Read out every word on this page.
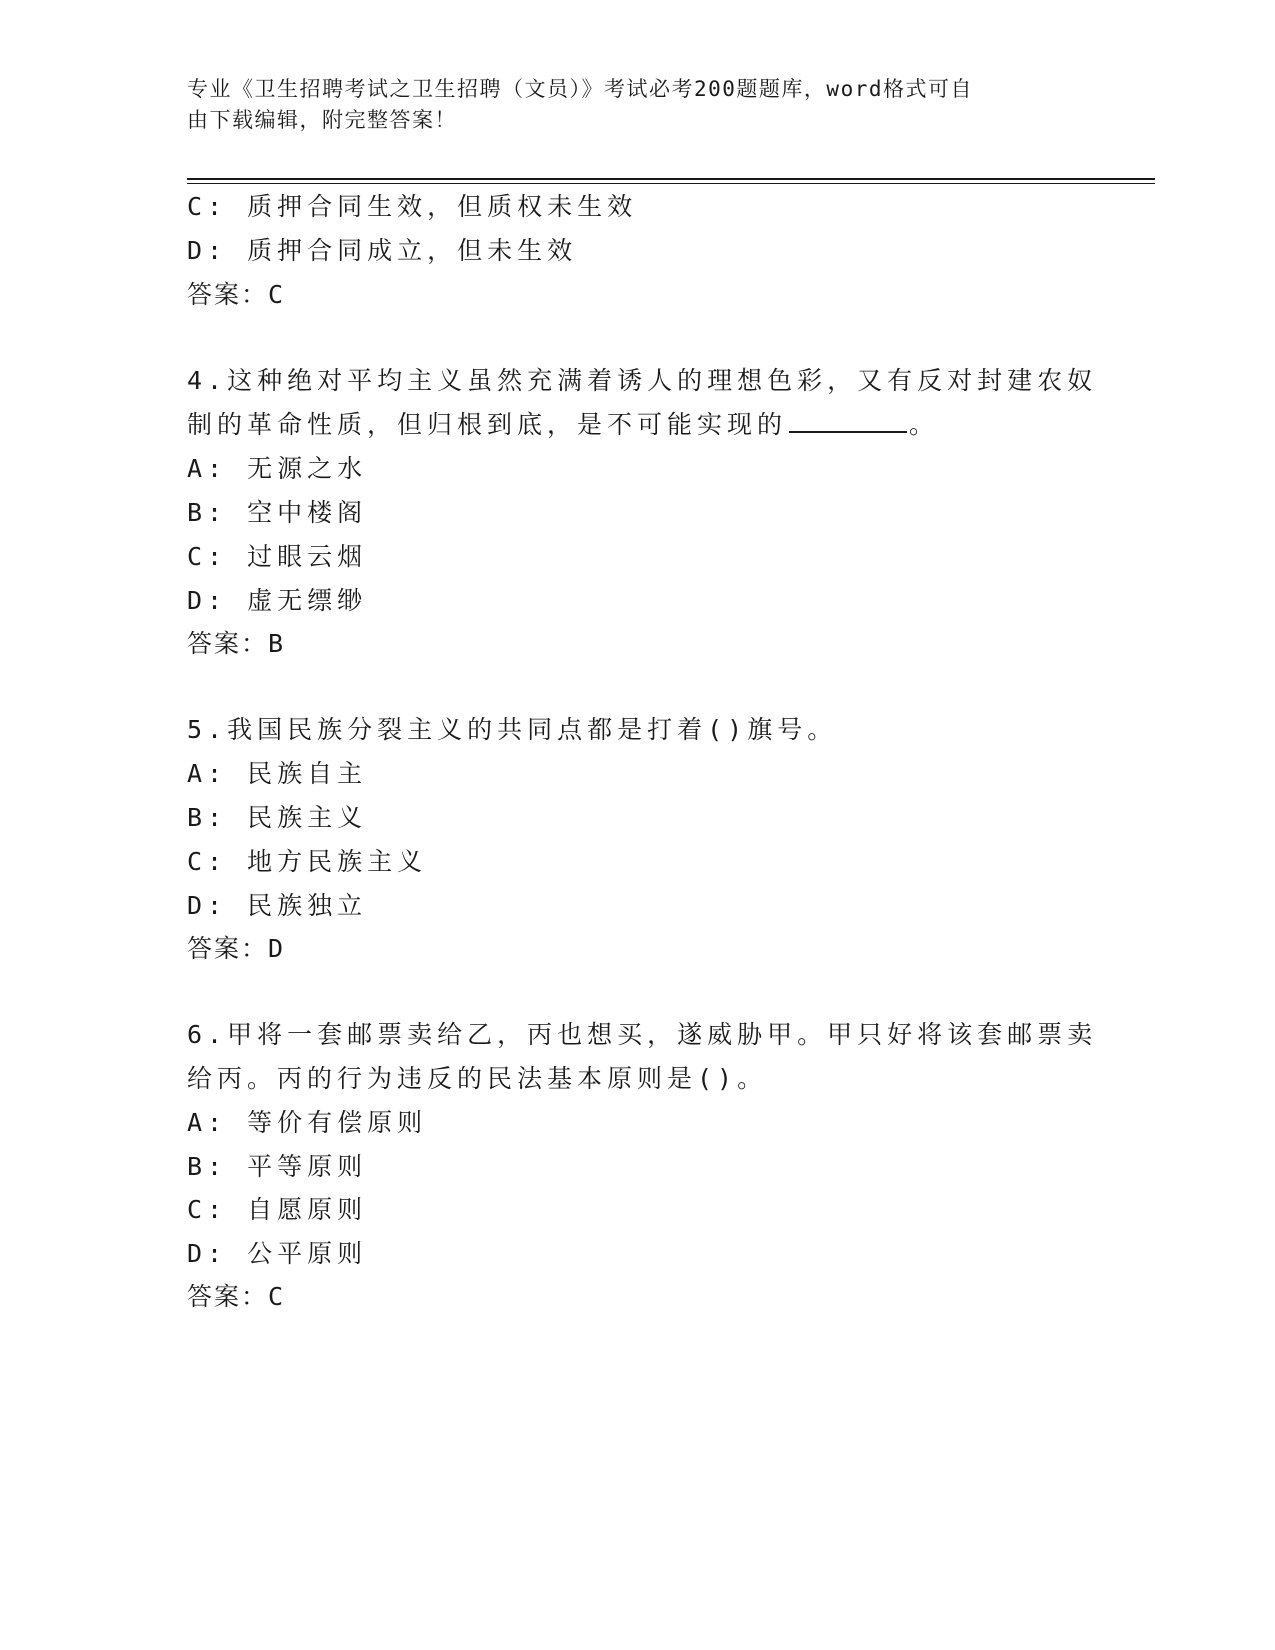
专业《卫生招聘考试之卫生招聘（文员）》考试必考200题题库，word格式可自
由下载编辑，附完整答案！
C: 质押合同生效，但质权未生效
D: 质押合同成立，但未生效
答案：C
4.这种绝对平均主义虽然充满着诱人的理想色彩，又有反对封建农奴
制的革命性质，但归根到底，是不可能实现的	。
A: 无源之水
B: 空中楼阁
C: 过眼云烟
D: 虚无缥缈
答案：B
5.我国民族分裂主义的共同点都是打着()旗号。
A: 民族自主
B: 民族主义
C: 地方民族主义
D: 民族独立
答案：D
6.甲将一套邮票卖给乙，丙也想买，遂威胁甲。甲只好将该套邮票卖
给丙。丙的行为违反的民法基本原则是()。
A: 等价有偿原则
B: 平等原则
C: 自愿原则
D: 公平原则
答案：C
